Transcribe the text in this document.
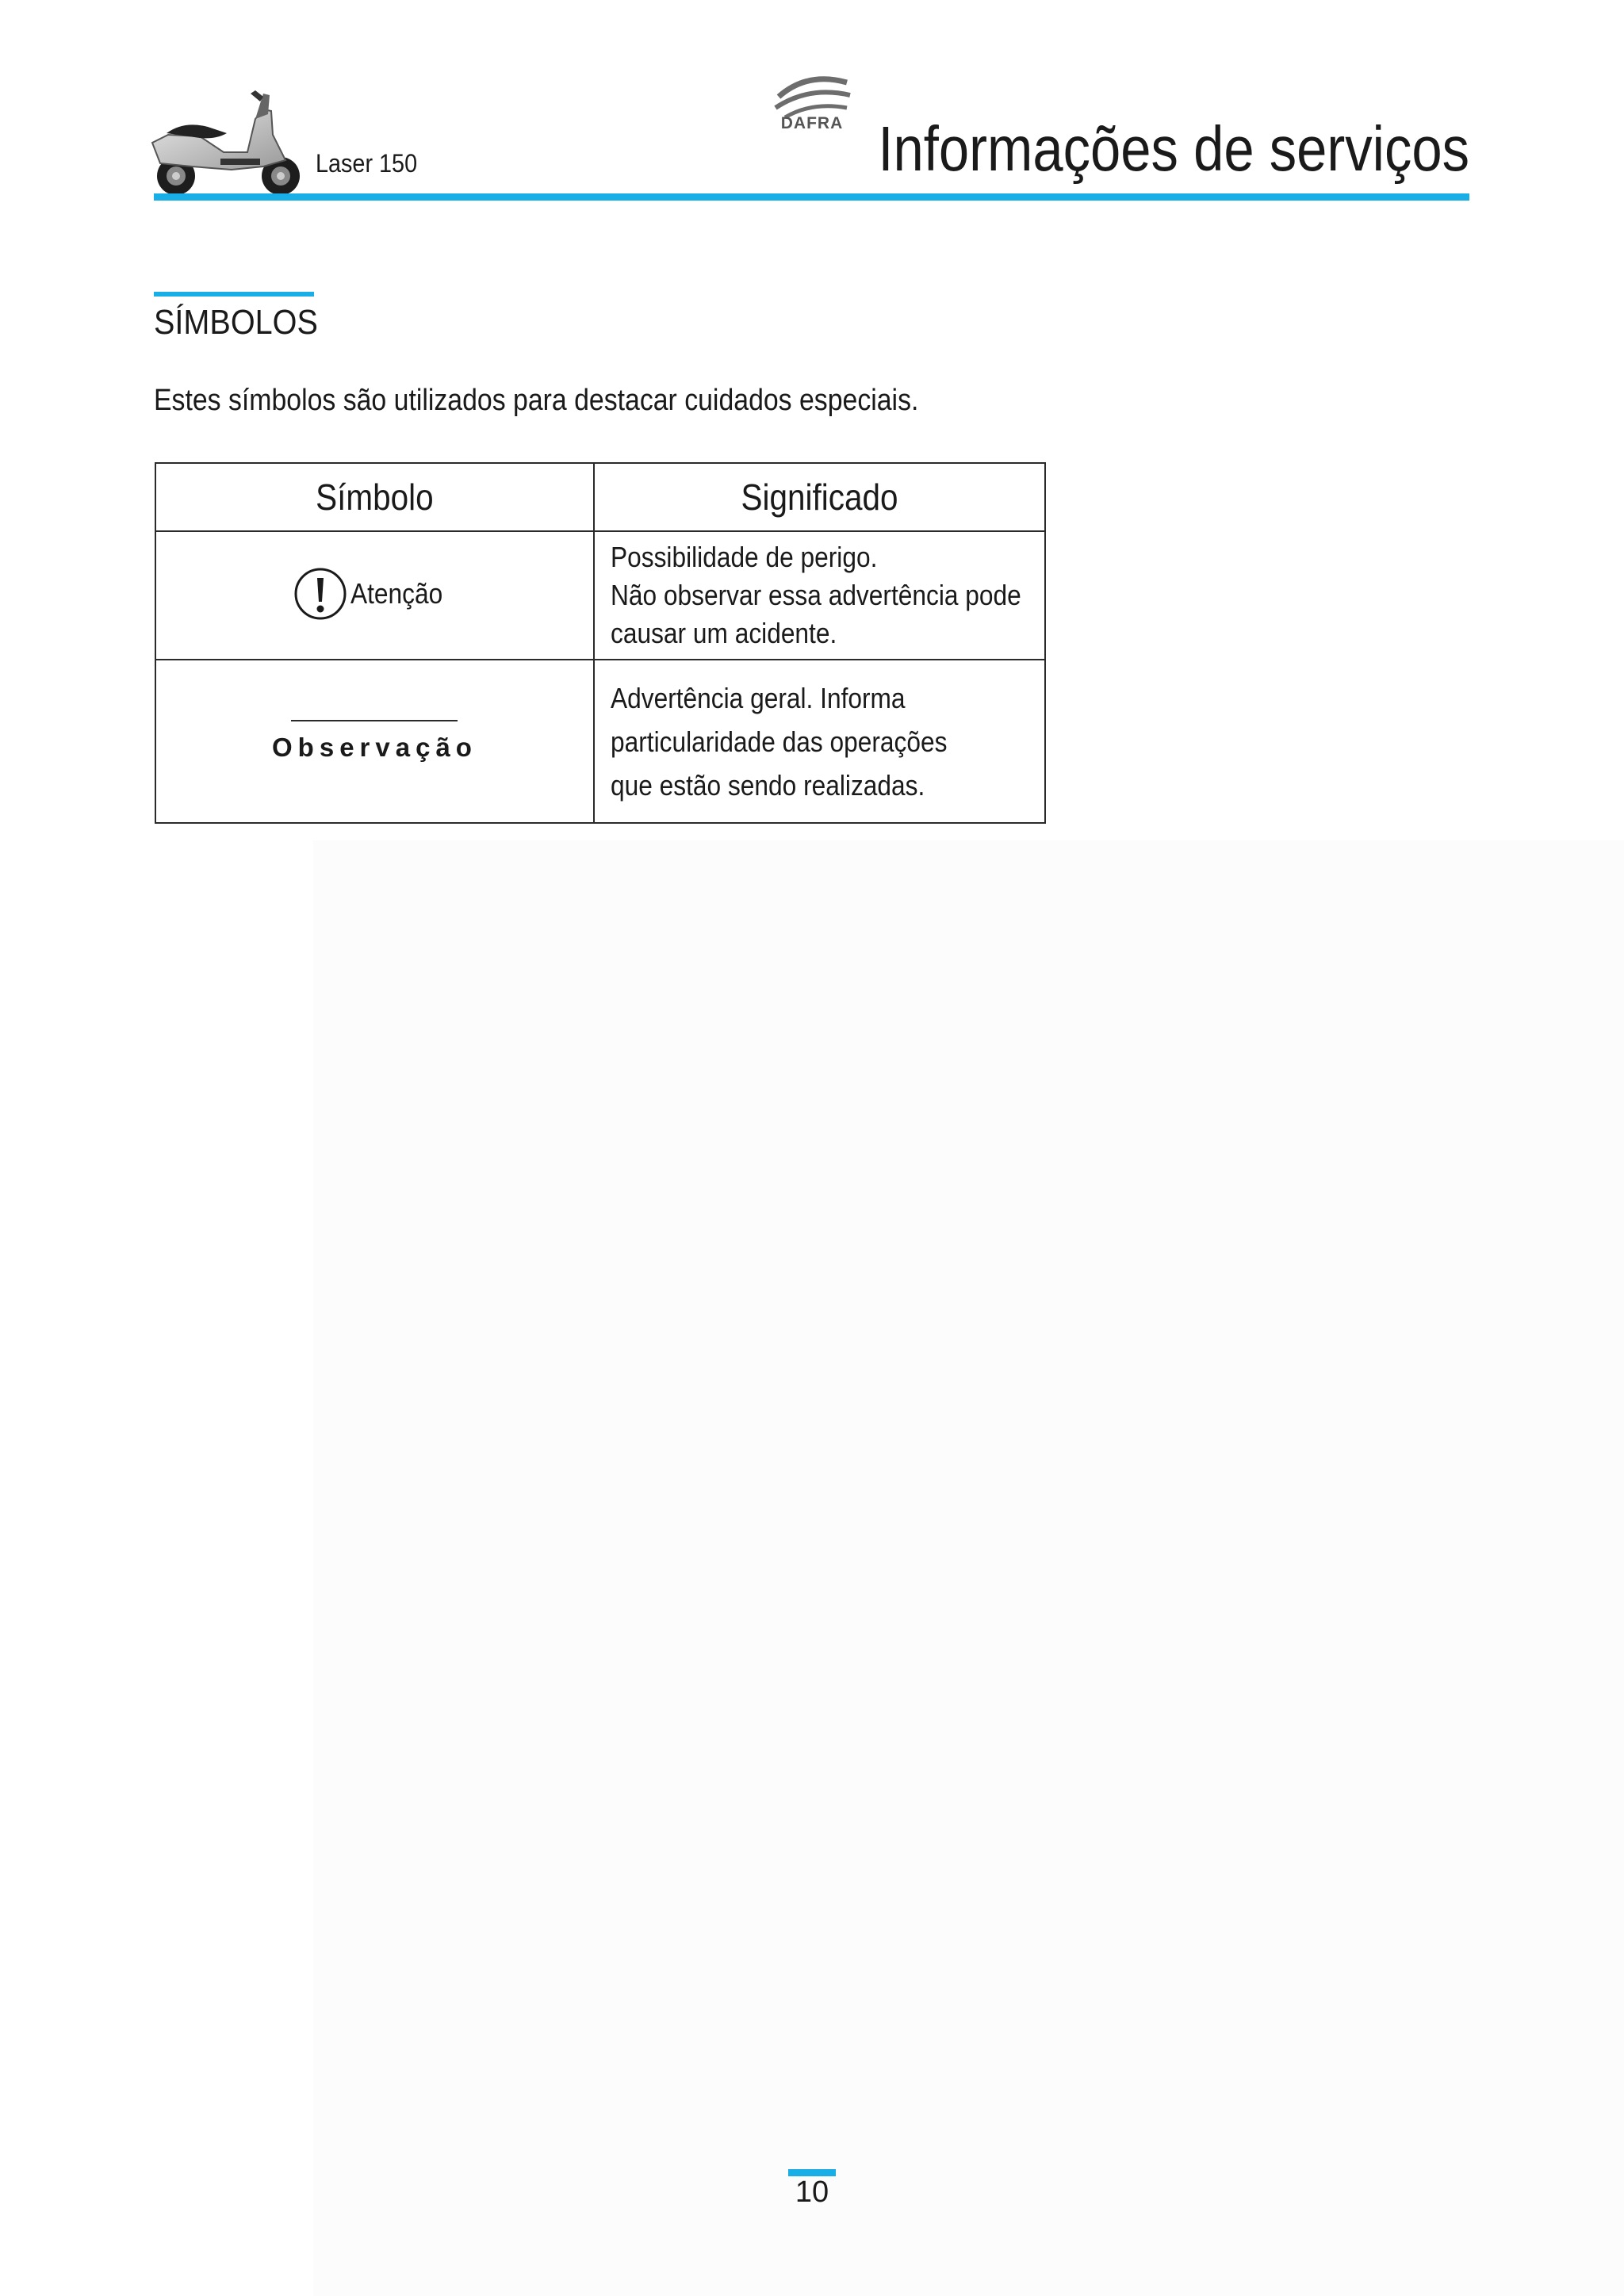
Laser 150
DAFRA Informações de serviços
SÍMBOLOS
Estes símbolos são utilizados para destacar cuidados especiais.
Símbolo	Significado

Atenção	Possibilidade de perigo.
Não observar essa advertência pode
causar um acidente.

Observação	Advertência geral. Informa
particularidade das operações
que estão sendo realizadas.
10
